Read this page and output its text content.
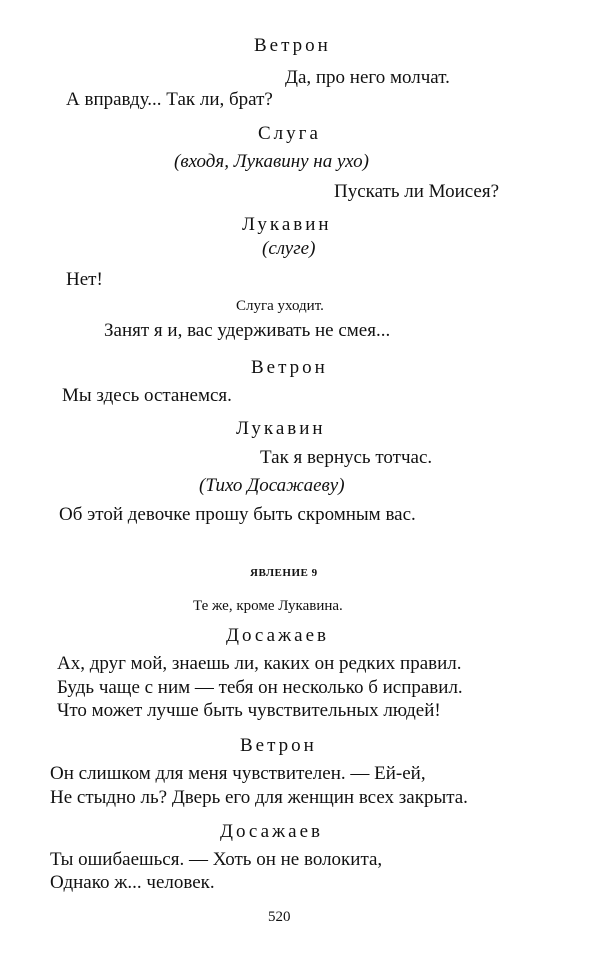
Ветрон
Да, про него молчат.
А вправду... Так ли, брат?
Слуга
(входя, Лукавину на ухо)
Пускать ли Моисея?
Лукавин
(слуге)
Нет!
Слуга уходит.
Занят я и, вас удерживать не смея...
Ветрон
Мы здесь останемся.
Лукавин
Так я вернусь тотчас.
(Тихо Досажаеву)
Об этой девочке прошу быть скромным вас.
ЯВЛЕНИЕ 9
Те же, кроме Лукавина.
Досажаев
Ах, друг мой, знаешь ли, каких он редких правил.
Будь чаще с ним — тебя он несколько б исправил.
Что может лучше быть чувствительных людей!
Ветрон
Он слишком для меня чувствителен. — Ей-ей,
Не стыдно ль? Дверь его для женщин всех закрыта.
Досажаев
Ты ошибаешься. — Хоть он не волокита,
Однако ж... человек.
520
